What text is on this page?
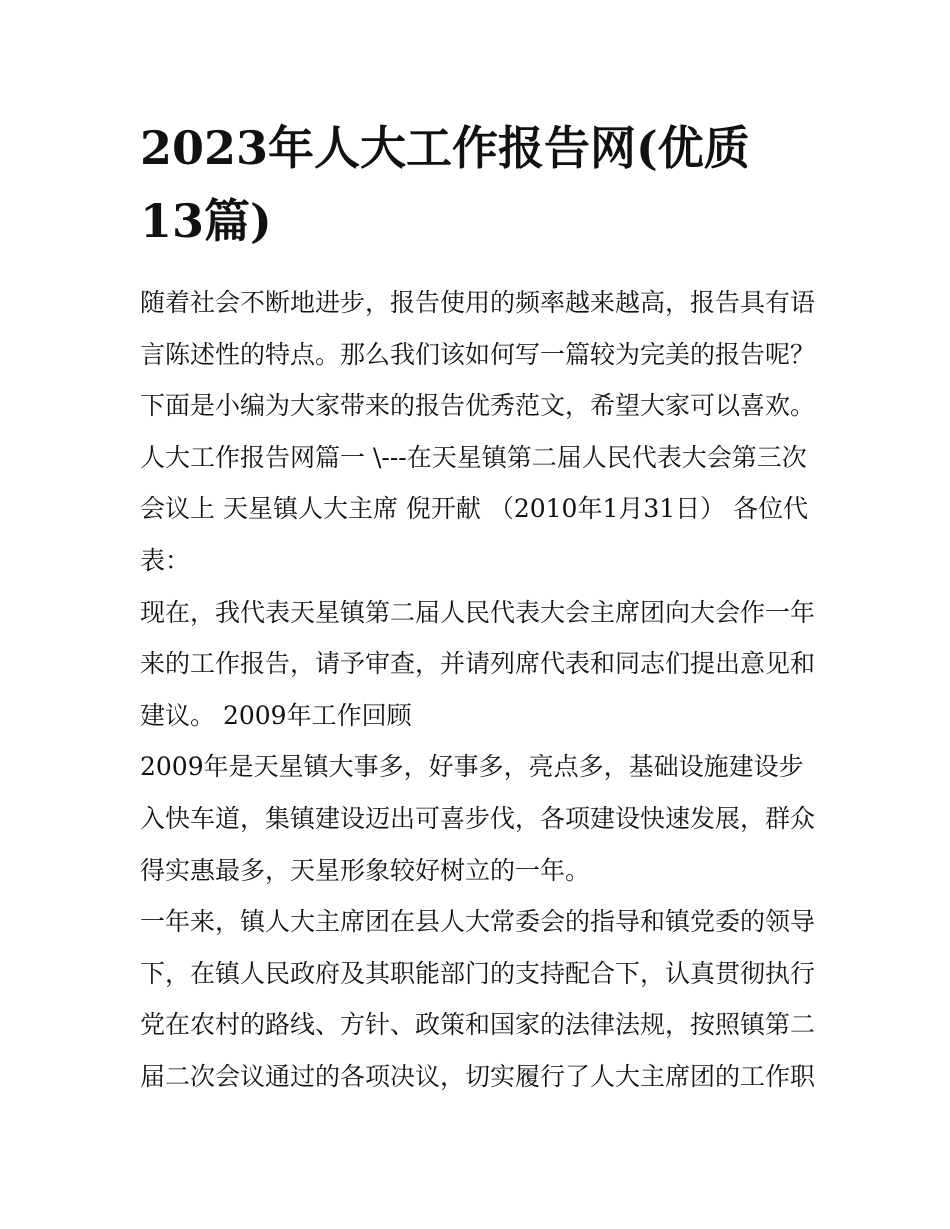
2023年人大工作报告网(优质
13篇)
随着社会不断地进步，报告使用的频率越来越高，报告具有语
言陈述性的特点。那么我们该如何写一篇较为完美的报告呢？
下面是小编为大家带来的报告优秀范文，希望大家可以喜欢。
人大工作报告网篇一 \---在天星镇第二届人民代表大会第三次
会议上 天星镇人大主席 倪开献 （2010年1月31日） 各位代
表：
现在，我代表天星镇第二届人民代表大会主席团向大会作一年
来的工作报告，请予审查，并请列席代表和同志们提出意见和
建议。 2009年工作回顾
2009年是天星镇大事多，好事多，亮点多，基础设施建设步
入快车道，集镇建设迈出可喜步伐，各项建设快速发展，群众
得实惠最多，天星形象较好树立的一年。
一年来，镇人大主席团在县人大常委会的指导和镇党委的领导
下，在镇人民政府及其职能部门的支持配合下，认真贯彻执行
党在农村的路线、方针、政策和国家的法律法规，按照镇第二
届二次会议通过的各项决议，切实履行了人大主席团的工作职
